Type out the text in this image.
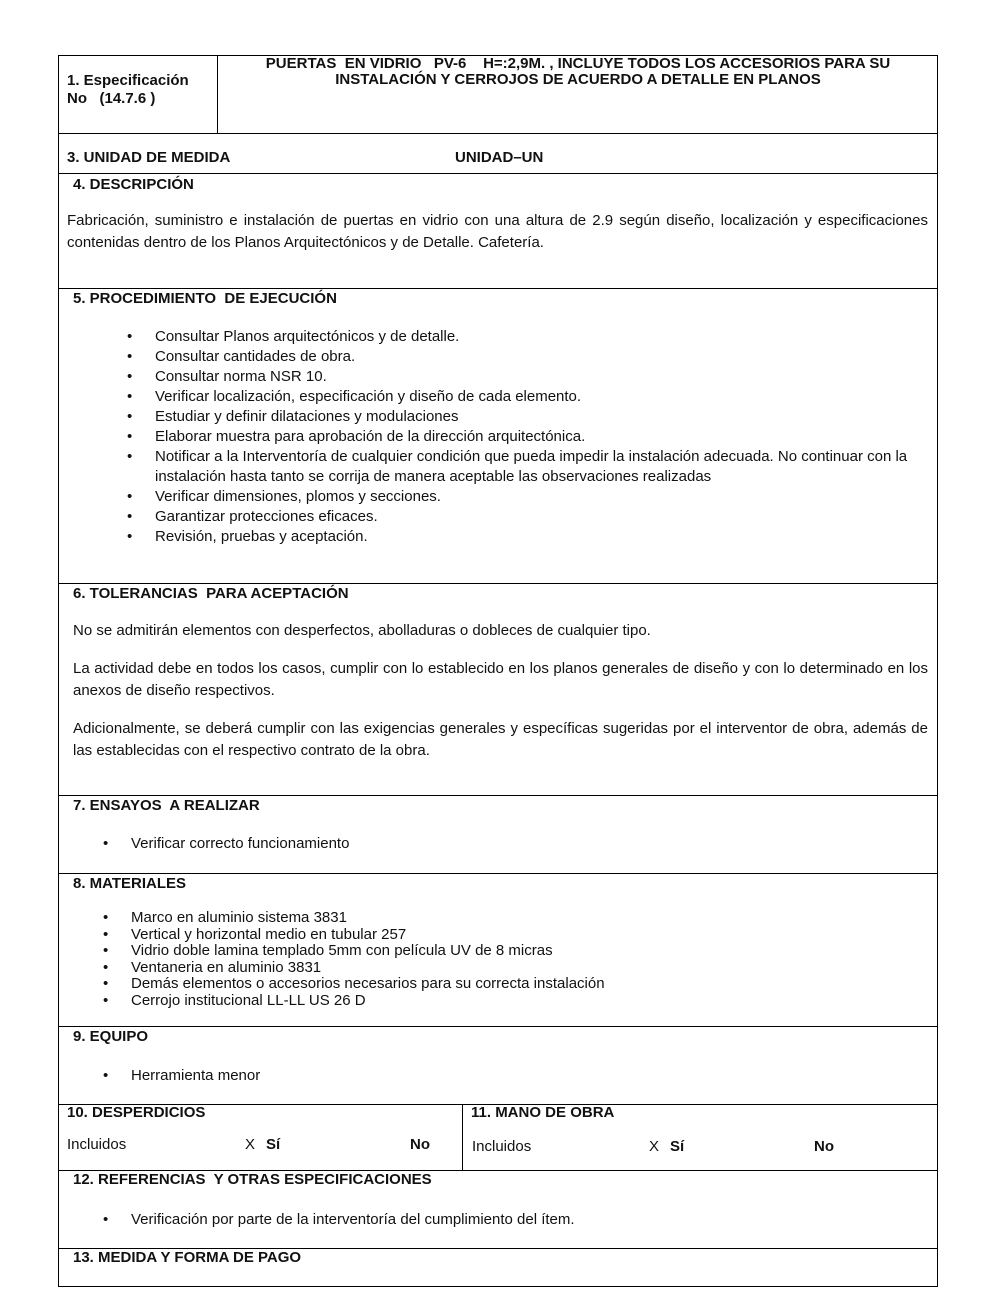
1. Especificación
No   (14.7.6 )
PUERTAS  EN VIDRIO   PV-6    H=:2,9M. , INCLUYE TODOS LOS ACCESORIOS PARA SU
INSTALACIÓN Y CERROJOS DE ACUERDO A DETALLE EN PLANOS
3. UNIDAD DE MEDIDA	UNIDAD–UN
4. DESCRIPCIÓN
Fabricación, suministro e instalación de puertas en vidrio con una altura de 2.9 según diseño, localización y especificaciones contenidas dentro de los Planos Arquitectónicos y de Detalle. Cafetería.
5. PROCEDIMIENTO  DE EJECUCIÓN
• Consultar Planos arquitectónicos y de detalle.
• Consultar cantidades de obra.
• Consultar norma NSR 10.
• Verificar localización, especificación y diseño de cada elemento.
• Estudiar y definir dilataciones y modulaciones
• Elaborar muestra para aprobación de la dirección arquitectónica.
• Notificar a la Interventoría de cualquier condición que pueda impedir la instalación adecuada. No continuar con la instalación hasta tanto se corrija de manera aceptable las observaciones realizadas
• Verificar dimensiones, plomos y secciones.
• Garantizar protecciones eficaces.
• Revisión, pruebas y aceptación.
6. TOLERANCIAS  PARA ACEPTACIÓN
No se admitirán elementos con desperfectos, abolladuras o dobleces de cualquier tipo.
La actividad debe en todos los casos, cumplir con lo establecido en los planos generales de diseño y con lo determinado en los anexos de diseño respectivos.
Adicionalmente, se deberá cumplir con las exigencias generales y específicas sugeridas por el interventor de obra, además de las establecidas con el respectivo contrato de la obra.
7. ENSAYOS  A REALIZAR
• Verificar correcto funcionamiento
8. MATERIALES
• Marco en aluminio sistema 3831
• Vertical y horizontal medio en tubular 257
• Vidrio doble lamina templado 5mm con película UV de 8 micras
• Ventaneria en aluminio 3831
• Demás elementos o accesorios necesarios para su correcta instalación
• Cerrojo institucional LL-LL US 26 D
9. EQUIPO
• Herramienta menor
10. DESPERDICIOS
Incluidos	X Sí	No
11. MANO DE OBRA
Incluidos	X Sí	No
12. REFERENCIAS  Y OTRAS ESPECIFICACIONES
• Verificación por parte de la interventoría del cumplimiento del ítem.
13. MEDIDA Y FORMA DE PAGO
